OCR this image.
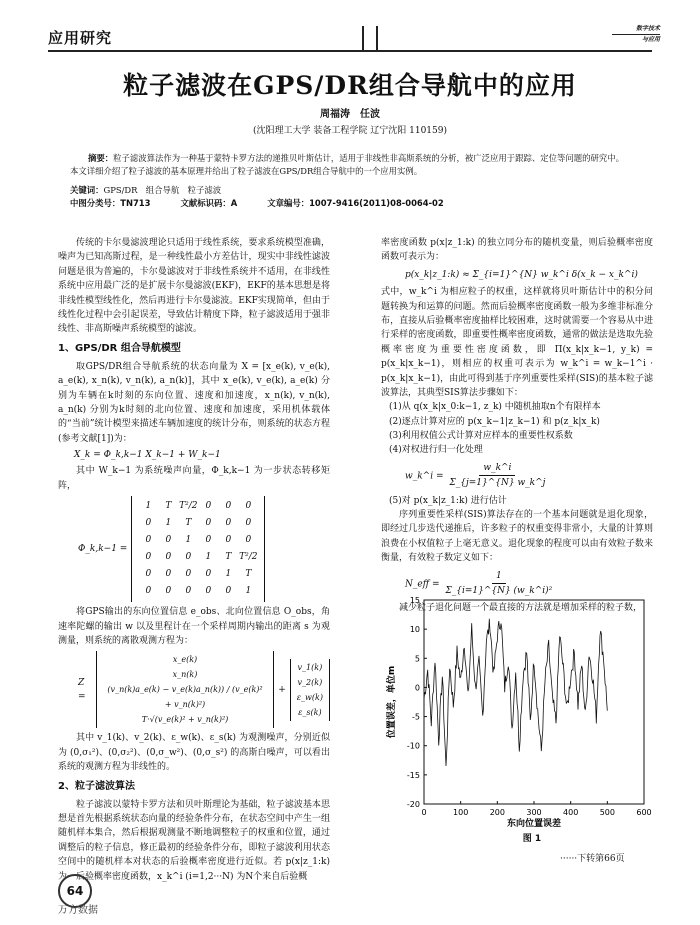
应用研究
数字技术
与应用
粒子滤波在GPS/DR组合导航中的应用
周福涛　任波
(沈阳理工大学 装备工程学院 辽宁沈阳 110159)
摘要：粒子滤波算法作为一种基于蒙特卡罗方法的递推贝叶斯估计，适用于非线性非高斯系统的分析，被广泛应用于跟踪、定位等问题的研究中。本文详细介绍了粒子滤波的基本原理并给出了粒子滤波在GPS/DR组合导航中的一个应用实例。
关键词：GPS/DR　组合导航　粒子滤波
中图分类号：TN713	文献标识码：A	文章编号：1007-9416(2011)08-0064-02

传统的卡尔曼滤波理论只适用于线性系统，要求系统模型准确，噪声为已知高斯过程，是一种线性最小方差估计，现实中非线性滤波问题是很为普遍的，卡尔曼滤波对于非线性系统并不适用，在非线性系统中应用最广泛的是扩展卡尔曼滤波(EKF)，EKF的基本思想是将非线性模型线性化，然后再进行卡尔曼滤波。EKF实现简单，但由于线性化过程中会引起误差，导致估计精度下降，粒子滤波适用于强非线性、非高斯噪声系统模型的滤波。

1、GPS/DR 组合导航模型

取GPS/DR组合导航系统的状态向量为 X = [x_e(k), v_e(k), a_e(k), x_n(k), v_n(k), a_n(k)]，其中 x_e(k), v_e(k), a_e(k) 分别为车辆在k时刻的东向位置、速度和加速度，x_n(k), v_n(k), a_n(k) 分别为k时刻的北向位置、速度和加速度，采用机体载体的“当前”统计模型来描述车辆加速度的统计分布，则系统的状态方程(参考文献[1])为：

X_k = Φ_k,k−1 X_k−1 + W_k−1

其中 W_k−1 为系统噪声向量，Φ_k,k−1 为一步状态转移矩阵，

Φ_k,k−1 =
1	T	T²/2	0	0	0
0	1	T	0	0	0
0	0	1	0	0	0
0	0	0	1	T	T²/2
0	0	0	0	1	T
0	0	0	0	0	1

将GPS输出的东向位置信息 e_obs、北向位置信息 O_obs，角速率陀螺的输出 w 以及里程计在一个采样周期内输出的距离 s 为观测量，则系统的离散观测方程为：

Z =
x_e(k)
x_n(k)
(v_n(k)a_e(k) − v_e(k)a_n(k)) / (v_e(k)² + v_n(k)²)
T·√(v_e(k)² + v_n(k)²)
+
v_1(k)
v_2(k)
ε_w(k)
ε_s(k)

其中 v_1(k)、v_2(k)、ε_w(k)、ε_s(k) 为观测噪声，分别近似为 (0,σ₁²)、(0,σ₂²)、(0,σ_w²)、(0,σ_s²) 的高斯白噪声，可以看出系统的观测方程为非线性的。

2、粒子滤波算法

粒子滤波以蒙特卡罗方法和贝叶斯理论为基础，粒子滤波基本思想是首先根据系统状态向量的经验条件分布，在状态空间中产生一组随机样本集合，然后根据观测量不断地调整粒子的权重和位置，通过调整后的粒子信息，修正最初的经验条件分布，即粒子滤波利用状态空间中的随机样本对状态的后验概率密度进行近似。若 p(x|z_1:k) 为一后验概率密度函数，x_k^i (i=1,2···N) 为N个来自后验概

率密度函数 p(x|z_1:k) 的独立同分布的随机变量，则后验概率密度函数可表示为：

p(x_k|z_1:k) ≈ Σ_{i=1}^{N} w_k^i δ(x_k − x_k^i)

式中，w_k^i 为相应粒子的权重，这样就将贝叶斯估计中的积分问题转换为和运算的问题。然而后验概率密度函数一般为多维非标准分布，直接从后验概率密度抽样比较困难，这时就需要一个容易从中进行采样的密度函数，即重要性概率密度函数，通常的做法是选取先验概率密度为重要性密度函数，即 Π(x_k|x_k−1, y_k) = p(x_k|x_k−1)，则相应的权重可表示为 w_k^i = w_k−1^i · p(x_k|x_k−1)，由此可得到基于序列重要性采样(SIS)的基本粒子滤波算法，其典型SIS算法步骤如下：

(1)从 q(x_k|x_0:k−1, z_k) 中随机抽取n个有限样本
(2)逐点计算对应的 p(x_k−1|z_k−1) 和 p(z_k|x_k)
(3)利用权值公式计算对应样本的重要性权系数
(4)对权进行归一化处理
w_k^i = $\frac{w\_k\^{}i}{\Sigma\_\{j=1\}\^{}\{N\} w\_k\^{}j}$
(5)对 p(x_k|z_1:k) 进行估计

序列重要性采样(SIS)算法存在的一个基本问题就是退化现象，即经过几步迭代递推后，许多粒子的权重变得非常小，大量的计算则浪费在小权值粒子上毫无意义。退化现象的程度可以由有效粒子数来衡量，有效粒子数定义如下：

N_eff = $\frac{1}{\text{Σ\_\{i=1\}\textasciicircum{}\{N\} (w\_k\textasciicircum{}i)²}}$

减少粒子退化问题一个最直接的方法就是增加采样的粒子数，

0	100	200	300	400	500	600
-20
-15
-10
-5
0
5
10
15
东向位置误差
位置误差，单位m
图 1
······下转第66页
64
万方数据
